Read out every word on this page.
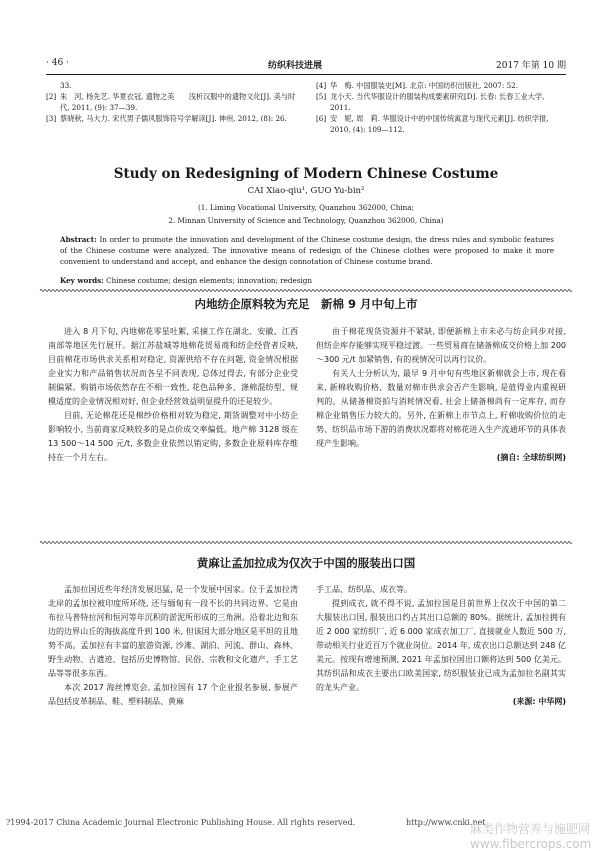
· 46 ·	纺织科技进展	2017 年第 10 期

33.

[2] 朱　河, 杨先艺. 华夏衣冠, 遗物之美　　浅析汉服中的遗物文化[J]. 美与时代, 2011, (9): 37—39.

[3] 蔡晓秋, 马大力. 宋代男子儒风服饰符号学解读[J]. 神州, 2012, (8): 26.

[4] 华　梅. 中国服装史[M]. 北京: 中国纺织出版社, 2007: 52.

[5] 龙小天. 当代华服设计的服装构成要素研究[D]. 长春: 长春工业大学, 2011.

[6] 安　妮, 周　莉. 华服设计中的中国传统寓意与现代元素[J]. 纺织学报, 2010, (4): 109—112.

Study on Redesigning of Modern Chinese Costume
CAI Xiao-qiu¹, GUO Yu-bin²
(1. Liming Vocational University, Quanzhou 362000, China;
2. Minnan University of Science and Technology, Quanzhou 362000, China)
Abstract: In order to promote the innovation and development of the Chinese costume design, the dress rules and symbolic features of the Chinese costume were analyzed. The innovative means of redesign of the Chinese clothes were proposed to make it more convenient to understand and accept, and enhance the design connotation of Chinese costume brand.
Key words: Chinese costume; design elements; innovation; redesign
内地纺企原料较为充足　新棉 9 月中旬上市

进入 8 月下旬, 内地棉花零星吐絮, 采摘工作在湖北、安徽、江西南部等地区先行展开。据江苏盐城等地棉花贸易商和纺企经营者反映, 目前棉花市场供求关系相对稳定, 资源供给不存在问题, 资金情况根据企业实力和产品销售状况而各呈不同表现, 总体过得去, 有部分企业受制偏紧。购销市场依然存在不相一致性, 花色品种多、涤棉混纺型、规模适度的企业情况相对好, 但企业经营效益明显提升的还是较少。

目前, 无论棉花还是棉纱价格相对较为稳定, 期货调整对中小纺企影响较小, 当前商家反映较多的是点价成交率偏低。地产棉 3128 级在 13 500～14 500 元/t, 多数企业依然以销定购, 多数企业原料库存维持在一个月左右。

由于棉花现货资源并不紧缺, 即便新棉上市未必与纺企同步对接, 但纺企库存能够实现平稳过渡。一些贸易商在储备棉成交价格上加 200～300 元/t 加紧销售, 有的视情况可以再行议价。

有关人士分析认为, 最早 9 月中旬有些地区新棉就会上市, 现在看来, 新棉收购价格、数量对棉市供求会否产生影响, 是值得业内重视研判的。从储备棉资拍与消耗情况看, 社会上储备棉尚有一定库存, 而存棉企业销售压力较大的。另外, 在新棉上市节点上, 籽棉收购价位的走势、纺织品市场下游的消费状况都将对棉花进入生产流通环节的具体表现产生影响。

(摘自: 全球纺织网)

黄麻让孟加拉成为仅次于中国的服装出口国

孟加拉国近些年经济发展迅猛, 是一个发展中国家。位于孟加拉湾北岸的孟加拉被印度所环绕, 还与缅甸有一段不长的共同边界。它是由布拉马普特拉河和恒河等年沉积的淤泥所形成的三角洲。沿着北边和东边的边界山丘的海拔高度升到 100 米, 但该国大部分地区是平坦的且地势不高。孟加拉有丰富的旅游资源, 沙滩、湖泊、河流、群山、森林、野生动物、古遗迹、包括历史博物馆、民俗、宗教和文化遗产、手工艺品等等很多东西。

本次 2017 海丝博览会, 孟加拉国有 17 个企业报名参展, 参展产品包括皮革制品、鞋、塑料制品、黄麻

手工品、纺织品、成衣等。

提到成衣, 就不得不说, 孟加拉国是目前世界上仅次于中国的第二大服装出口国, 服装出口约占其出口总额的 80%。据统计, 孟加拉拥有近 2 000 家纺织厂, 近 6 000 家成衣加工厂, 直接就业人数近 500 万, 带动相关行业近百万个就业岗位。2014 年, 成衣出口总额达到 248 亿美元。按现有增速预测, 2021 年孟加拉国出口额将达到 500 亿美元。其纺织品和成衣主要出口欧美国家, 纺织服装业已成为孟加拉名副其实的龙头产业。

(来源: 中华网)

?1994-2017 China Academic Journal Electronic Publishing House. All rights reserved.	http://www.cnki.net
麻类作物营养与施肥网 www.fibercrops.com
